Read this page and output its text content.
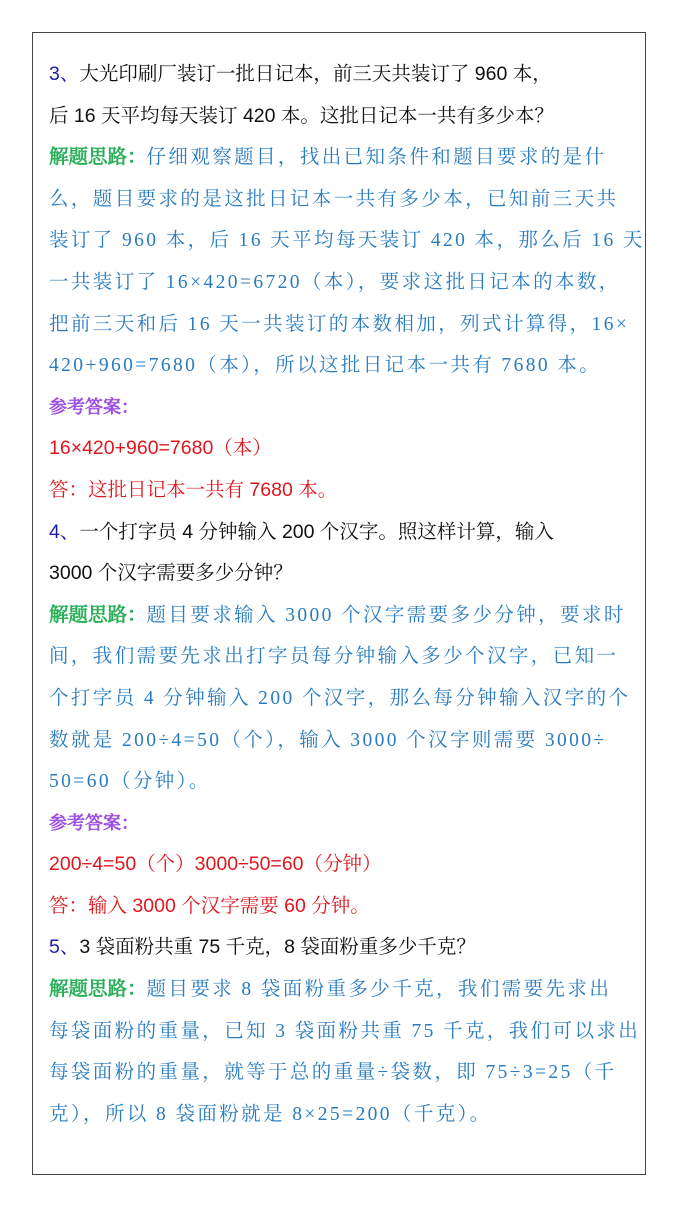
3、大光印刷厂装订一批日记本，前三天共装订了 960 本，
后 16 天平均每天装订 420 本。这批日记本一共有多少本？
解题思路：仔细观察题目，找出已知条件和题目要求的是什
么，题目要求的是这批日记本一共有多少本，已知前三天共
装订了 960 本，后 16 天平均每天装订 420 本，那么后 16 天
一共装订了 16×420=6720（本），要求这批日记本的本数，
把前三天和后 16 天一共装订的本数相加，列式计算得，16×
420+960=7680（本），所以这批日记本一共有 7680 本。
参考答案：
16×420+960=7680（本）
答：这批日记本一共有 7680 本。
4、一个打字员 4 分钟输入 200 个汉字。照这样计算，输入
3000 个汉字需要多少分钟？
解题思路：题目要求输入 3000 个汉字需要多少分钟，要求时
间，我们需要先求出打字员每分钟输入多少个汉字，已知一
个打字员 4 分钟输入 200 个汉字，那么每分钟输入汉字的个
数就是 200÷4=50（个），输入 3000 个汉字则需要 3000÷
50=60（分钟）。
参考答案：
200÷4=50（个）3000÷50=60（分钟）
答：输入 3000 个汉字需要 60 分钟。
5、3 袋面粉共重 75 千克，8 袋面粉重多少千克？
解题思路：题目要求 8 袋面粉重多少千克，我们需要先求出
每袋面粉的重量，已知 3 袋面粉共重 75 千克，我们可以求出
每袋面粉的重量，就等于总的重量÷袋数，即 75÷3=25（千
克），所以 8 袋面粉就是 8×25=200（千克）。
